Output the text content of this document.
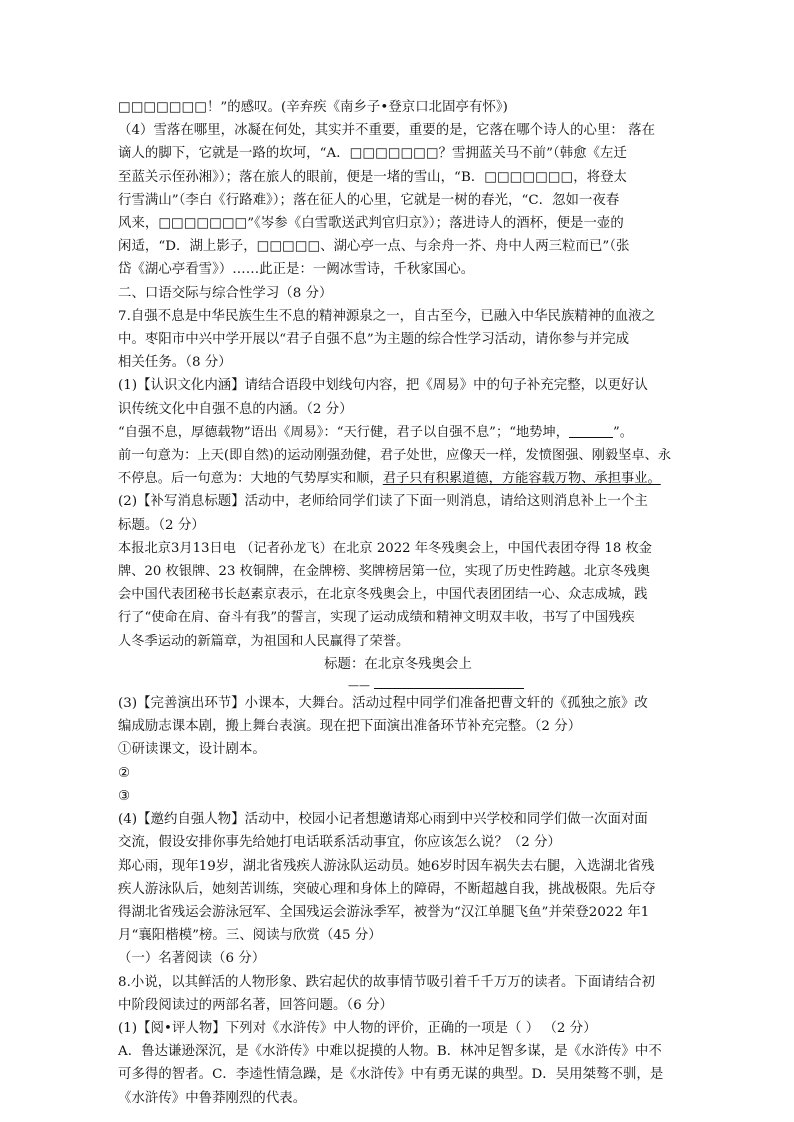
□□□□□□□！”的感叹。(辛弃疾《南乡子•登京口北固亭有怀》)
（4）雪落在哪里，冰凝在何处，其实并不重要，重要的是，它落在哪个诗人的心里： 落在
谪人的脚下，它就是一路的坎坷，“A．□□□□□□□？雪拥蓝关马不前”（韩愈《左迁
至蓝关示侄孙湘》）；落在旅人的眼前，便是一堵的雪山，“B．□□□□□□□，将登太
行雪满山”（李白《行路难》）；落在征人的心里，它就是一树的春光，“C．忽如一夜春
风来，□□□□□□□”《岑参《白雪歌送武判官归京》）；落进诗人的酒杯，便是一壶的
闲适，“D．湖上影子，□□□□□、湖心亭一点、与余舟一芥、舟中人两三粒而已”（张
岱《湖心亭看雪》）……此正是：一阙冰雪诗，千秋家国心。
二、口语交际与综合性学习（8 分）
7.自强不息是中华民族生生不息的精神源泉之一，自古至今，已融入中华民族精神的血液之
中。枣阳市中兴中学开展以“君子自强不息”为主题的综合性学习活动，请你参与并完成
相关任务。（8 分）
(1)【认识文化内涵】请结合语段中划线句内容，把《周易》中的句子补充完整，以更好认
识传统文化中自强不息的内涵。（2 分）
“自强不息，厚德载物”语出《周易》：“天行健，君子以自强不息”；“地势坤，	”。
前一句意为：上天(即自然)的运动刚强劲健，君子处世，应像天一样，发愤图强、刚毅坚卓、永
不停息。后一句意为：大地的气势厚实和顺，君子只有积累道德，方能容载万物、承担事业。
(2)【补写消息标题】活动中，老师给同学们读了下面一则消息，请给这则消息补上一个主
标题。（2 分）
本报北京3月13日电 （记者孙龙飞）在北京 2022 年冬残奥会上，中国代表团夺得 18 枚金
牌、20 枚银牌、23 枚铜牌，在金牌榜、奖牌榜居第一位，实现了历史性跨越。北京冬残奥
会中国代表团秘书长赵素京表示，在北京冬残奥会上，中国代表团团结一心、众志成城，践
行了“使命在肩、奋斗有我”的誓言，实现了运动成绩和精神文明双丰收，书写了中国残疾
人冬季运动的新篇章，为祖国和人民赢得了荣誉。
标题：在北京冬残奥会上
——
(3)【完善演出环节】小课本，大舞台。活动过程中同学们准备把曹文轩的《孤独之旅》改
编成励志课本剧，搬上舞台表演。现在把下面演出准备环节补充完整。（2 分）
①研读课文，设计剧本。
②
③
(4)【邀约自强人物】活动中，校园小记者想邀请郑心雨到中兴学校和同学们做一次面对面
交流，假设安排你事先给她打电话联系活动事宜，你应该怎么说？（2 分）
郑心雨，现年19岁，湖北省残疾人游泳队运动员。她6岁时因车祸失去右腿，入选湖北省残
疾人游泳队后，她刻苦训练，突破心理和身体上的障碍，不断超越自我，挑战极限。先后夺
得湖北省残运会游泳冠军、全国残运会游泳季军，被誉为“汉江单腿飞鱼”并荣登2022 年1
月“襄阳楷模”榜。三、阅读与欣赏（45 分）
（一）名著阅读（6 分）
8.小说，以其鲜活的人物形象、跌宕起伏的故事情节吸引着千千万万的读者。下面请结合初
中阶段阅读过的两部名著，回答问题。（6 分）
(1)【阅•评人物】下列对《水浒传》中人物的评价，正确的一项是（ ） （2 分）
A．鲁达谦逊深沉，是《水浒传》中难以捉摸的人物。B．林冲足智多谋，是《水浒传》中不
可多得的智者。C．李逵性情急躁，是《水浒传》中有勇无谋的典型。D．吴用桀骜不驯，是
《水浒传》中鲁莽刚烈的代表。
